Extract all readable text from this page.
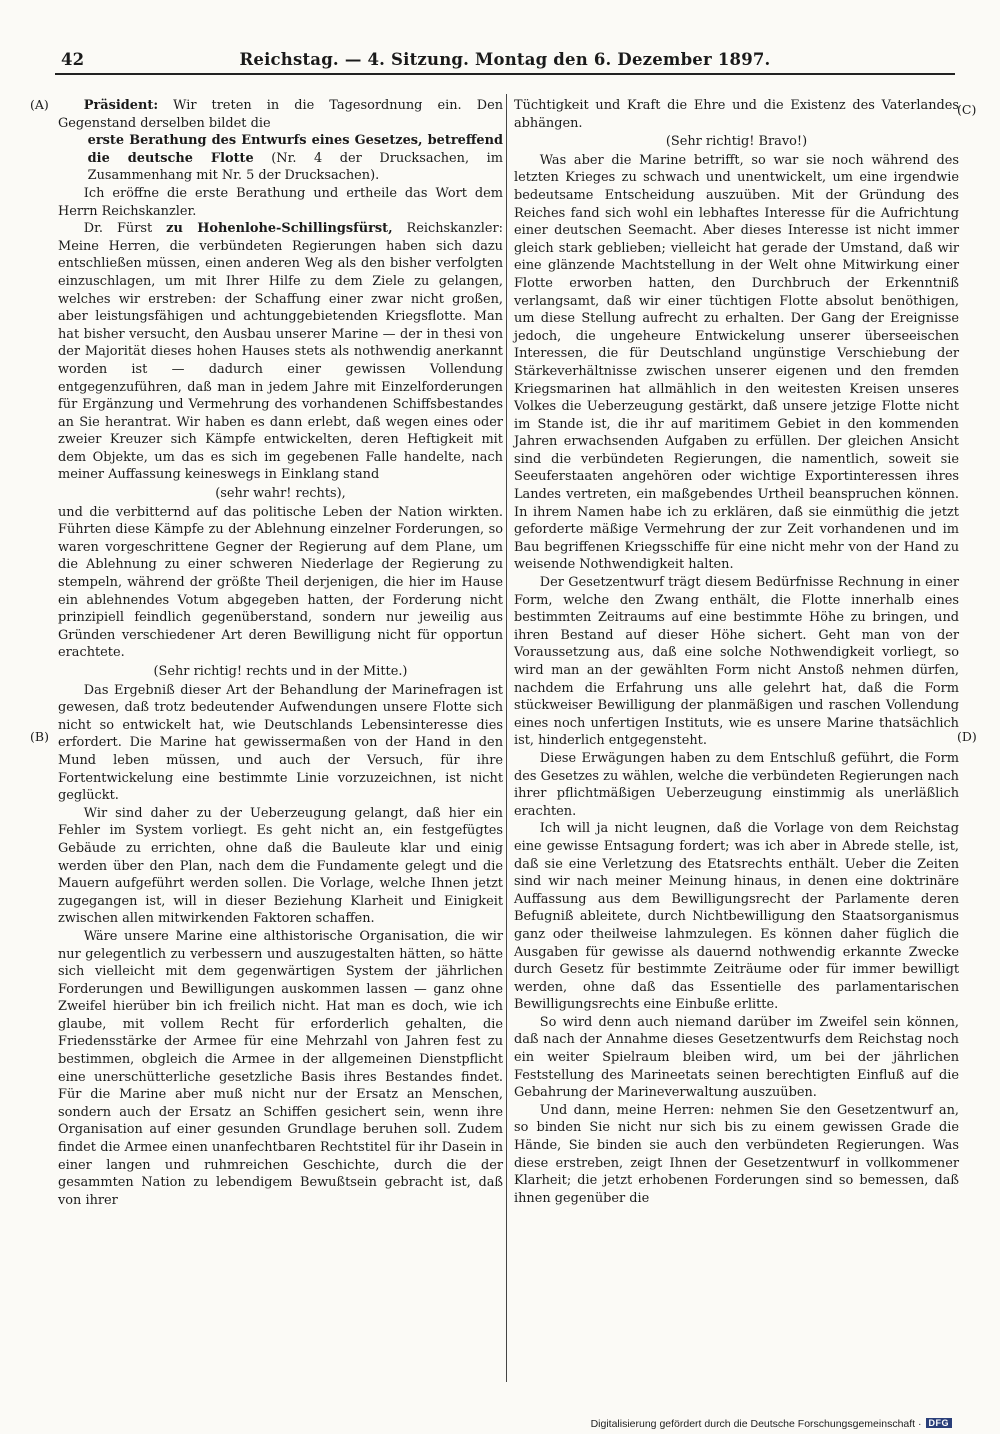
42	Reichstag. — 4. Sitzung. Montag den 6. Dezember 1897.
(A)
(B)
(C)
(D)

Präsident: Wir treten in die Tagesordnung ein. Den Gegenstand derselben bildet die

erste Berathung des Entwurfs eines Gesetzes, betreffend die deutsche Flotte (Nr. 4 der Drucksachen, im Zusammenhang mit Nr. 5 der Drucksachen).

Ich eröffne die erste Berathung und ertheile das Wort dem Herrn Reichskanzler.

Dr. Fürst zu Hohenlohe-Schillingsfürst, Reichskanzler: Meine Herren, die verbündeten Regierungen haben sich dazu entschließen müssen, einen anderen Weg als den bisher verfolgten einzuschlagen, um mit Ihrer Hilfe zu dem Ziele zu gelangen, welches wir erstreben: der Schaffung einer zwar nicht großen, aber leistungsfähigen und achtunggebietenden Kriegsflotte. Man hat bisher versucht, den Ausbau unserer Marine — der in thesi von der Majorität dieses hohen Hauses stets als nothwendig anerkannt worden ist — dadurch einer gewissen Vollendung entgegenzuführen, daß man in jedem Jahre mit Einzelforderungen für Ergänzung und Vermehrung des vorhandenen Schiffsbestandes an Sie herantrat. Wir haben es dann erlebt, daß wegen eines oder zweier Kreuzer sich Kämpfe entwickelten, deren Heftigkeit mit dem Objekte, um das es sich im gegebenen Falle handelte, nach meiner Auffassung keineswegs in Einklang stand

(sehr wahr! rechts),

und die verbitternd auf das politische Leben der Nation wirkten. Führten diese Kämpfe zu der Ablehnung einzelner Forderungen, so waren vorgeschrittene Gegner der Regierung auf dem Plane, um die Ablehnung zu einer schweren Niederlage der Regierung zu stempeln, während der größte Theil derjenigen, die hier im Hause ein ablehnendes Votum abgegeben hatten, der Forderung nicht prinzipiell feindlich gegenüberstand, sondern nur jeweilig aus Gründen verschiedener Art deren Bewilligung nicht für opportun erachtete.

(Sehr richtig! rechts und in der Mitte.)

Das Ergebniß dieser Art der Behandlung der Marinefragen ist gewesen, daß trotz bedeutender Aufwendungen unsere Flotte sich nicht so entwickelt hat, wie Deutschlands Lebensinteresse dies erfordert. Die Marine hat gewissermaßen von der Hand in den Mund leben müssen, und auch der Versuch, für ihre Fortentwickelung eine bestimmte Linie vorzuzeichnen, ist nicht geglückt.

Wir sind daher zu der Ueberzeugung gelangt, daß hier ein Fehler im System vorliegt. Es geht nicht an, ein festgefügtes Gebäude zu errichten, ohne daß die Bauleute klar und einig werden über den Plan, nach dem die Fundamente gelegt und die Mauern aufgeführt werden sollen. Die Vorlage, welche Ihnen jetzt zugegangen ist, will in dieser Beziehung Klarheit und Einigkeit zwischen allen mitwirkenden Faktoren schaffen.

Wäre unsere Marine eine althistorische Organisation, die wir nur gelegentlich zu verbessern und auszugestalten hätten, so hätte sich vielleicht mit dem gegenwärtigen System der jährlichen Forderungen und Bewilligungen auskommen lassen — ganz ohne Zweifel hierüber bin ich freilich nicht. Hat man es doch, wie ich glaube, mit vollem Recht für erforderlich gehalten, die Friedensstärke der Armee für eine Mehrzahl von Jahren fest zu bestimmen, obgleich die Armee in der allgemeinen Dienstpflicht eine unerschütterliche gesetzliche Basis ihres Bestandes findet. Für die Marine aber muß nicht nur der Ersatz an Menschen, sondern auch der Ersatz an Schiffen gesichert sein, wenn ihre Organisation auf einer gesunden Grundlage beruhen soll. Zudem findet die Armee einen unanfechtbaren Rechtstitel für ihr Dasein in einer langen und ruhmreichen Geschichte, durch die der gesammten Nation zu lebendigem Bewußtsein gebracht ist, daß von ihrer

Tüchtigkeit und Kraft die Ehre und die Existenz des Vaterlandes abhängen.

(Sehr richtig! Bravo!)

Was aber die Marine betrifft, so war sie noch während des letzten Krieges zu schwach und unentwickelt, um eine irgendwie bedeutsame Entscheidung auszuüben. Mit der Gründung des Reiches fand sich wohl ein lebhaftes Interesse für die Aufrichtung einer deutschen Seemacht. Aber dieses Interesse ist nicht immer gleich stark geblieben; vielleicht hat gerade der Umstand, daß wir eine glänzende Machtstellung in der Welt ohne Mitwirkung einer Flotte erworben hatten, den Durchbruch der Erkenntniß verlangsamt, daß wir einer tüchtigen Flotte absolut benöthigen, um diese Stellung aufrecht zu erhalten. Der Gang der Ereignisse jedoch, die ungeheure Entwickelung unserer überseeischen Interessen, die für Deutschland ungünstige Verschiebung der Stärkeverhältnisse zwischen unserer eigenen und den fremden Kriegsmarinen hat allmählich in den weitesten Kreisen unseres Volkes die Ueberzeugung gestärkt, daß unsere jetzige Flotte nicht im Stande ist, die ihr auf maritimem Gebiet in den kommenden Jahren erwachsenden Aufgaben zu erfüllen. Der gleichen Ansicht sind die verbündeten Regierungen, die namentlich, soweit sie Seeuferstaaten angehören oder wichtige Exportinteressen ihres Landes vertreten, ein maßgebendes Urtheil beanspruchen können. In ihrem Namen habe ich zu erklären, daß sie einmüthig die jetzt geforderte mäßige Vermehrung der zur Zeit vorhandenen und im Bau begriffenen Kriegsschiffe für eine nicht mehr von der Hand zu weisende Nothwendigkeit halten.

Der Gesetzentwurf trägt diesem Bedürfnisse Rechnung in einer Form, welche den Zwang enthält, die Flotte innerhalb eines bestimmten Zeitraums auf eine bestimmte Höhe zu bringen, und ihren Bestand auf dieser Höhe sichert. Geht man von der Voraussetzung aus, daß eine solche Nothwendigkeit vorliegt, so wird man an der gewählten Form nicht Anstoß nehmen dürfen, nachdem die Erfahrung uns alle gelehrt hat, daß die Form stückweiser Bewilligung der planmäßigen und raschen Vollendung eines noch unfertigen Instituts, wie es unsere Marine thatsächlich ist, hinderlich entgegensteht.

Diese Erwägungen haben zu dem Entschluß geführt, die Form des Gesetzes zu wählen, welche die verbündeten Regierungen nach ihrer pflichtmäßigen Ueberzeugung einstimmig als unerläßlich erachten.

Ich will ja nicht leugnen, daß die Vorlage von dem Reichstag eine gewisse Entsagung fordert; was ich aber in Abrede stelle, ist, daß sie eine Verletzung des Etatsrechts enthält. Ueber die Zeiten sind wir nach meiner Meinung hinaus, in denen eine doktrinäre Auffassung aus dem Bewilligungsrecht der Parlamente deren Befugniß ableitete, durch Nichtbewilligung den Staatsorganismus ganz oder theilweise lahmzulegen. Es können daher füglich die Ausgaben für gewisse als dauernd nothwendig erkannte Zwecke durch Gesetz für bestimmte Zeiträume oder für immer bewilligt werden, ohne daß das Essentielle des parlamentarischen Bewilligungsrechts eine Einbuße erlitte.

So wird denn auch niemand darüber im Zweifel sein können, daß nach der Annahme dieses Gesetzentwurfs dem Reichstag noch ein weiter Spielraum bleiben wird, um bei der jährlichen Feststellung des Marineetats seinen berechtigten Einfluß auf die Gebahrung der Marineverwaltung auszuüben.

Und dann, meine Herren: nehmen Sie den Gesetzentwurf an, so binden Sie nicht nur sich bis zu einem gewissen Grade die Hände, Sie binden sie auch den verbündeten Regierungen. Was diese erstreben, zeigt Ihnen der Gesetzentwurf in vollkommener Klarheit; die jetzt erhobenen Forderungen sind so bemessen, daß ihnen gegenüber die

Digitalisierung gefördert durch die Deutsche Forschungsgemeinschaft · DFG
